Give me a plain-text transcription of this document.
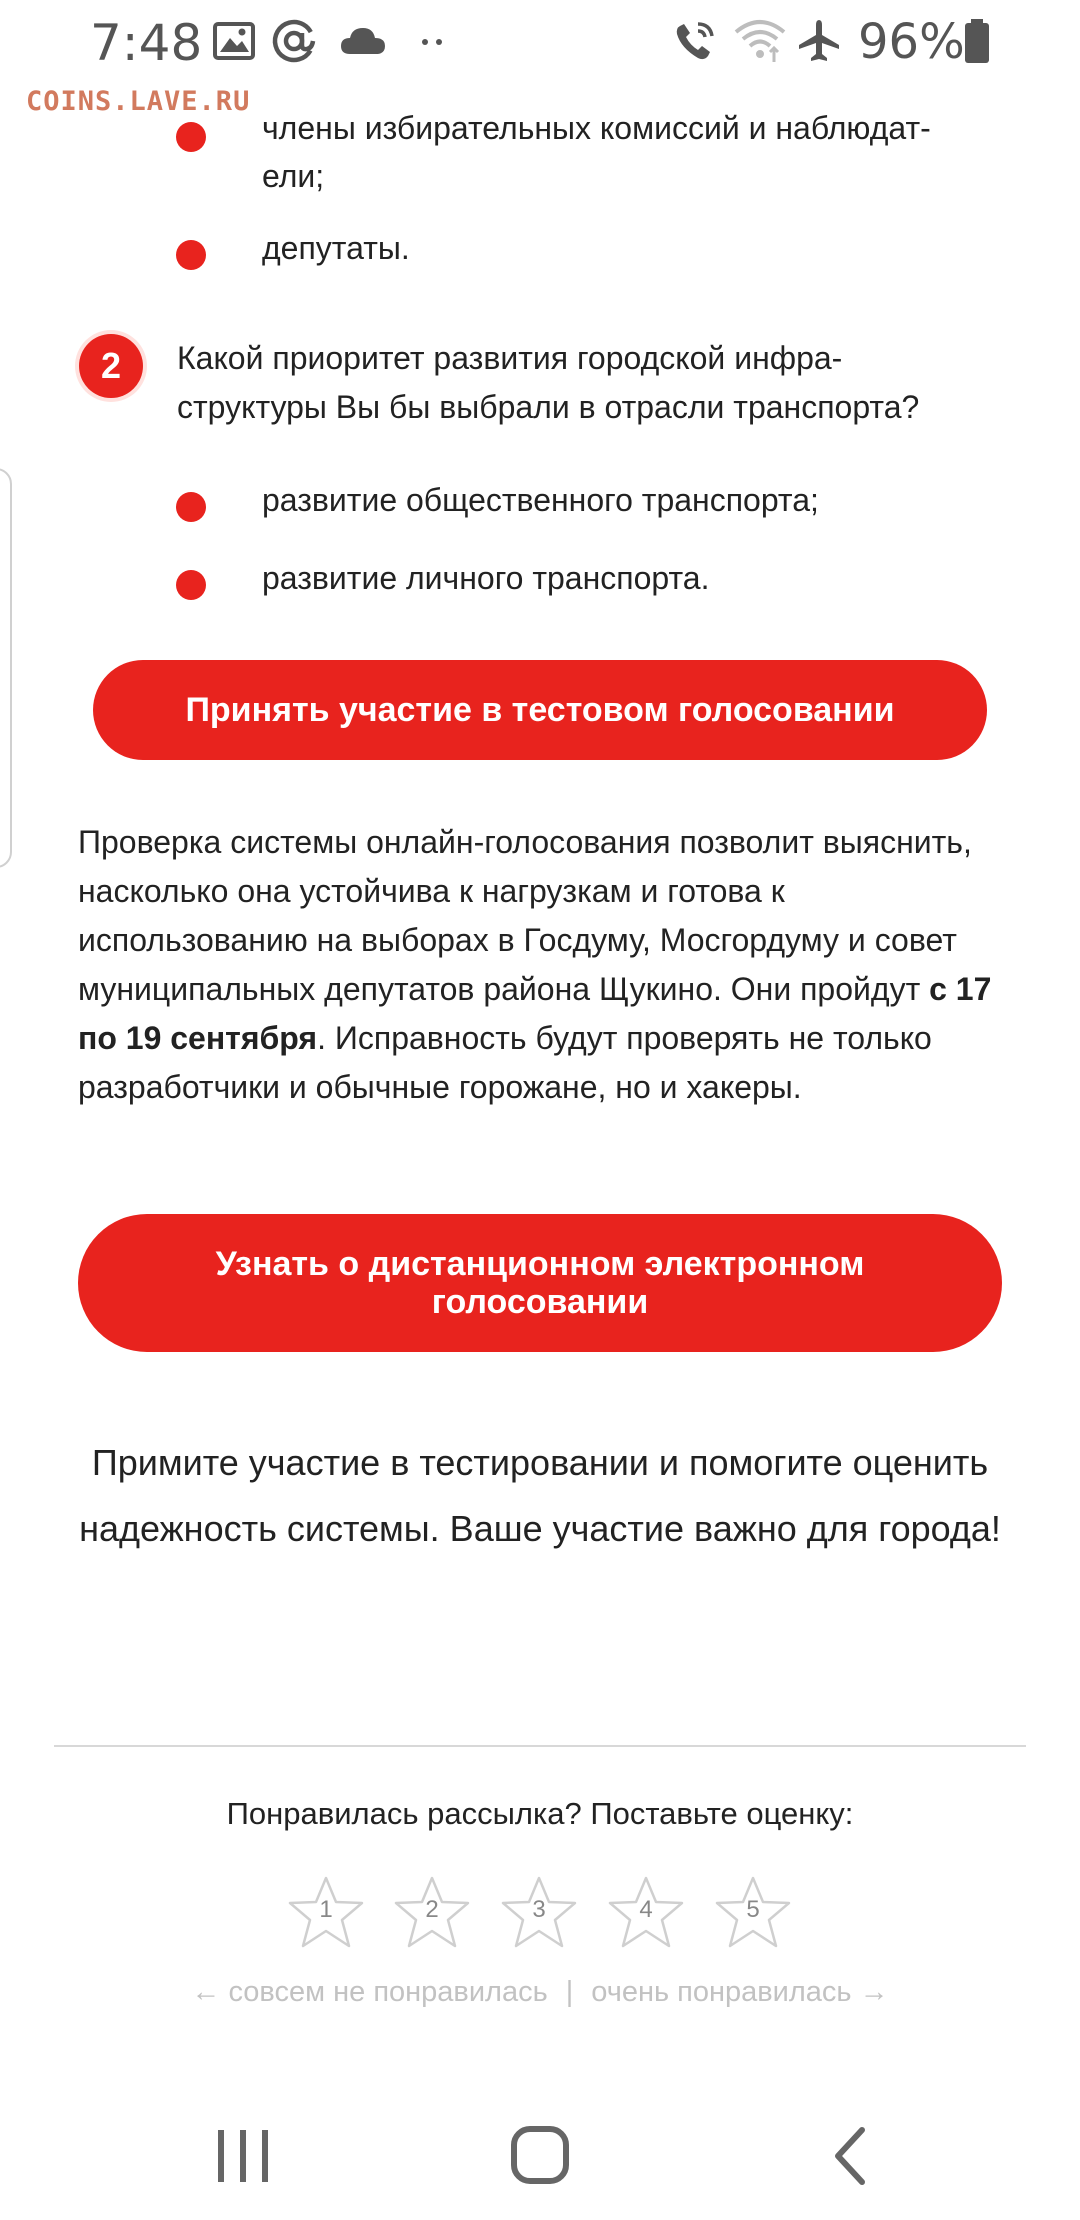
7:48	96%
COINS.LAVE.RU
члены избирательных комиссий и наблюдат-
ели;
депутаты.
2	Какой приоритет развития городской инфра-
структуры Вы бы выбрали в отрасли транспорта?
развитие общественного транспорта;
развитие личного транспорта.
Принять участие в тестовом голосовании

Проверка системы онлайн-голосования позволит выяснить, насколько она устойчива к нагрузкам и готова к использованию на выборах в Госдуму, Мосгордуму и совет муниципальных депутатов района Щукино. Они пройдут с 17 по 19 сентября. Исправность будут проверять не только разработчики и обычные горожане, но и хакеры.

Узнать о дистанционном электронном голосовании
Примите участие в тестировании и помогите оценить надежность системы. Ваше участие важно для города!
Понравилась рассылка? Поставьте оценку:
1	2	3	4	5
← совсем не понравилась | очень понравилась →
